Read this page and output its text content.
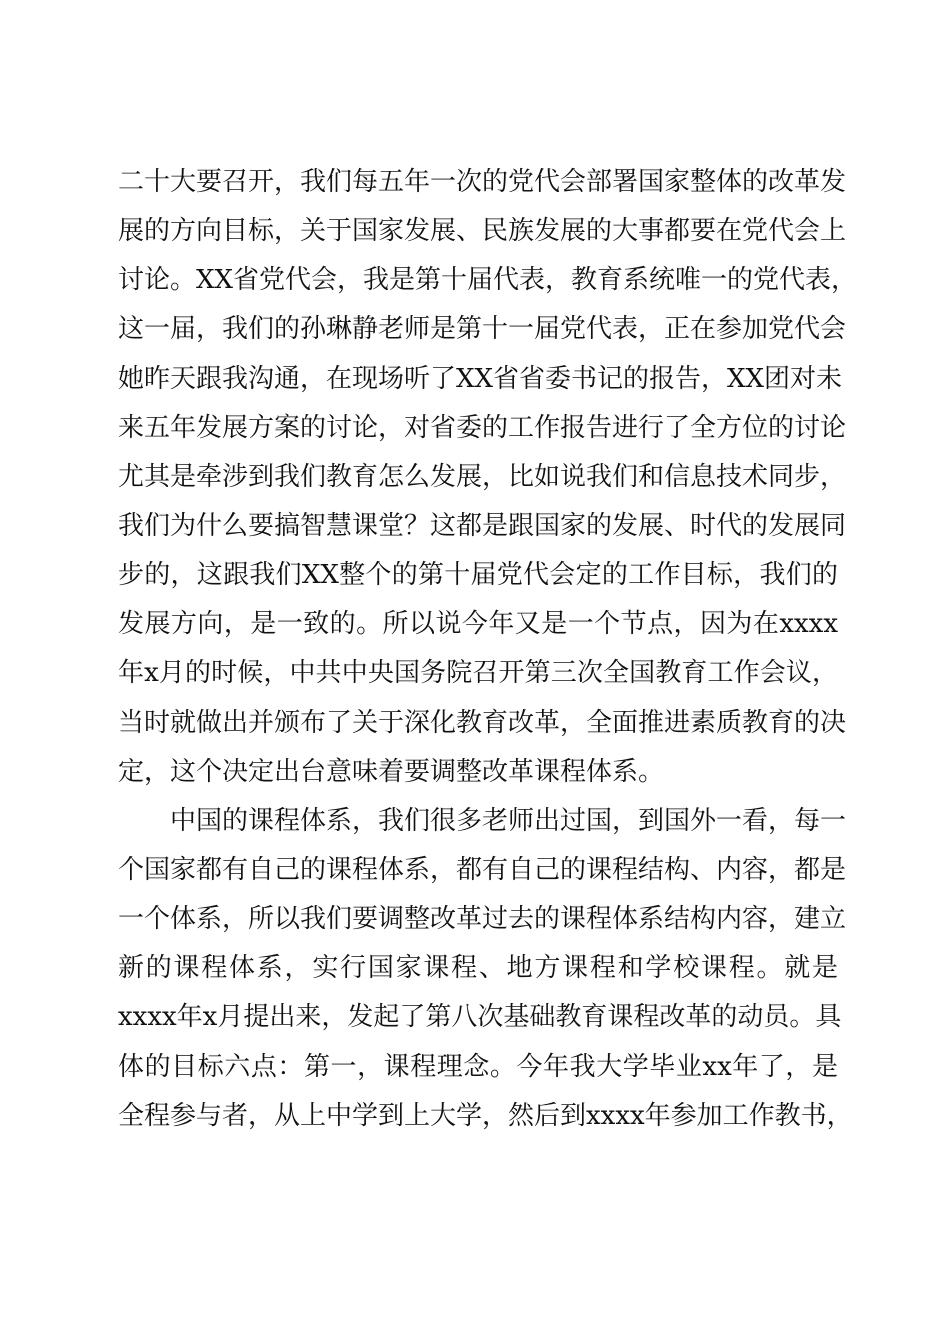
二十大要召开，我们每五年一次的党代会部署国家整体的改革发
展的方向目标，关于国家发展、民族发展的大事都要在党代会上
讨论。XX省党代会，我是第十届代表，教育系统唯一的党代表，
这一届，我们的孙琳静老师是第十一届党代表，正在参加党代会
她昨天跟我沟通，在现场听了XX省省委书记的报告，XX团对未
来五年发展方案的讨论，对省委的工作报告进行了全方位的讨论
尤其是牵涉到我们教育怎么发展，比如说我们和信息技术同步，
我们为什么要搞智慧课堂？这都是跟国家的发展、时代的发展同
步的，这跟我们XX整个的第十届党代会定的工作目标，我们的
发展方向，是一致的。所以说今年又是一个节点，因为在xxxx
年x月的时候，中共中央国务院召开第三次全国教育工作会议，
当时就做出并颁布了关于深化教育改革，全面推进素质教育的决
定，这个决定出台意味着要调整改革课程体系。
中国的课程体系，我们很多老师出过国，到国外一看，每一
个国家都有自己的课程体系，都有自己的课程结构、内容，都是
一个体系，所以我们要调整改革过去的课程体系结构内容，建立
新的课程体系，实行国家课程、地方课程和学校课程。就是
xxxx年x月提出来，发起了第八次基础教育课程改革的动员。具
体的目标六点：第一，课程理念。今年我大学毕业xx年了，是
全程参与者，从上中学到上大学，然后到xxxx年参加工作教书，
